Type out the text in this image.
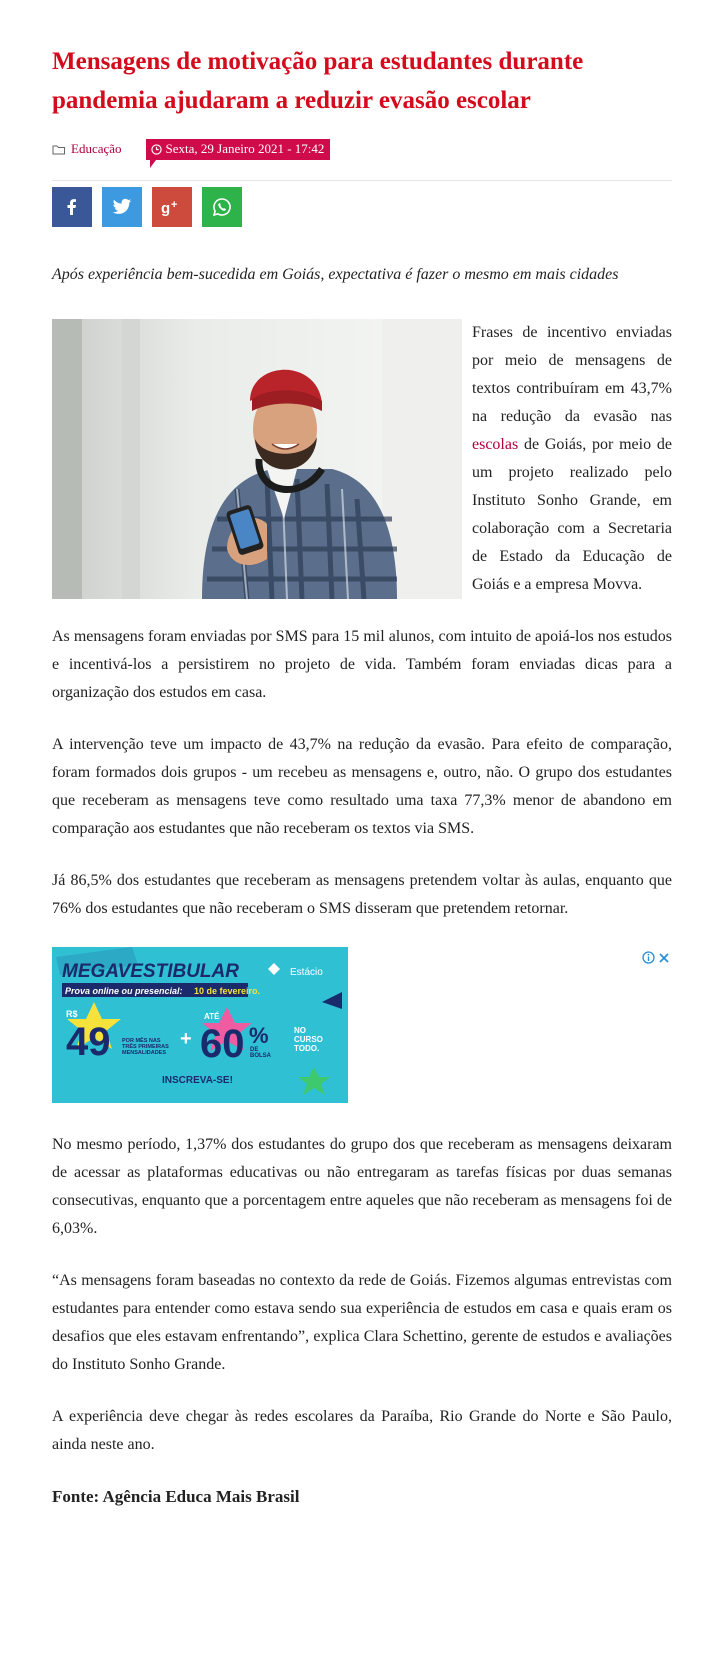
Mensagens de motivação para estudantes durante pandemia ajudaram a reduzir evasão escolar
Educação	Sexta, 29 Janeiro 2021 - 17:42
g +

Após experiência bem-sucedida em Goiás, expectativa é fazer o mesmo em mais cidades

Frases de incentivo enviadas por meio de mensagens de textos contribuíram em 43,7% na redução da evasão nas escolas de Goiás, por meio de um projeto realizado pelo Instituto Sonho Grande, em colaboração com a Secretaria de Estado da Educação de Goiás e a empresa Movva.

As mensagens foram enviadas por SMS para 15 mil alunos, com intuito de apoiá-los nos estudos e incentivá-los a persistirem no projeto de vida. Também foram enviadas dicas para a organização dos estudos em casa.

A intervenção teve um impacto de 43,7% na redução da evasão. Para efeito de comparação, foram formados dois grupos - um recebeu as mensagens e, outro, não. O grupo dos estudantes que receberam as mensagens teve como resultado uma taxa 77,3% menor de abandono em comparação aos estudantes que não receberam os textos via SMS.

Já 86,5% dos estudantes que receberam as mensagens pretendem voltar às aulas, enquanto que 76% dos estudantes que não receberam o SMS disseram que pretendem retornar.

MEGAVESTIBULAR	Estácio
Prova online ou presencial: 10 de fevereiro.
R$
49 POR MÊS NAS
TRÊS PRIMEIRAS
MENSALIDADES
+
ATÉ
60 %
DE
BOLSA
NO
CURSO
TODO.
INSCREVA-SE!

No mesmo período, 1,37% dos estudantes do grupo dos que receberam as mensagens deixaram de acessar as plataformas educativas ou não entregaram as tarefas físicas por duas semanas consecutivas, enquanto que a porcentagem entre aqueles que não receberam as mensagens foi de 6,03%.

“As mensagens foram baseadas no contexto da rede de Goiás. Fizemos algumas entrevistas com estudantes para entender como estava sendo sua experiência de estudos em casa e quais eram os desafios que eles estavam enfrentando”, explica Clara Schettino, gerente de estudos e avaliações do Instituto Sonho Grande.

A experiência deve chegar às redes escolares da Paraíba, Rio Grande do Norte e São Paulo, ainda neste ano.

Fonte: Agência Educa Mais Brasil
